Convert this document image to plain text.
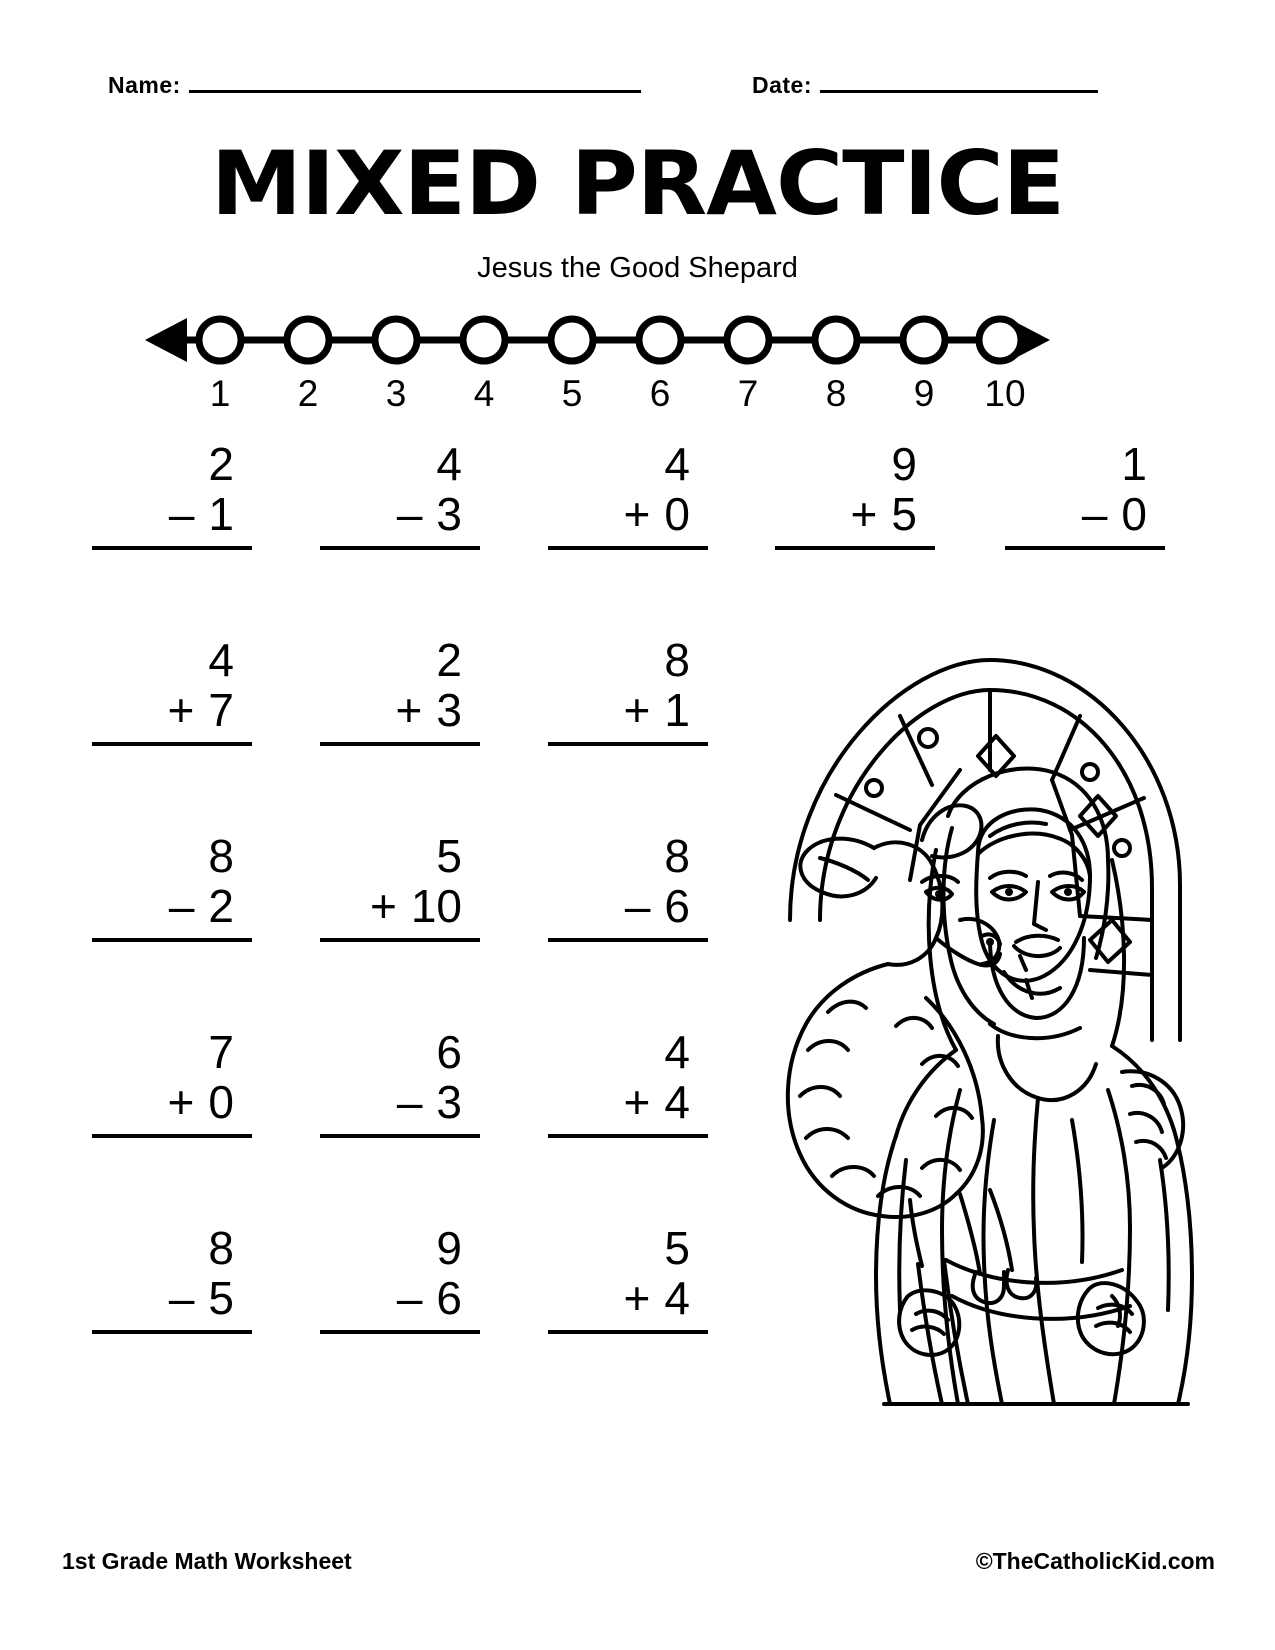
Name:	Date:
MIXED PRACTICE
Jesus the Good Shepard
1	2	3	4	5	6	7	8	9	10
2
– 1
4
– 3
4
+ 0
9
+ 5
1
– 0
4
+ 7
2
+ 3
8
+ 1
8
– 2
5
+ 10
8
– 6
7
+ 0
6
– 3
4
+ 4
8
– 5
9
– 6
5
+ 4
1st Grade Math Worksheet	©TheCatholicKid.com
